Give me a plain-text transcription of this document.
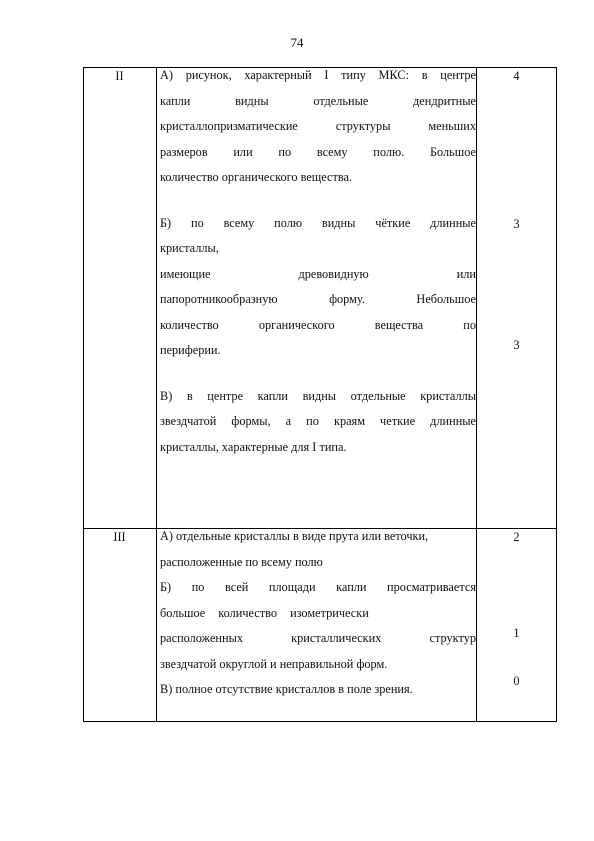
74
II	А) рисунок, характерный I типу МКС: в центре

капли видны отдельные дендритные

кристаллопризматические структуры меньших

размеров или по всему полю. Большое

количество органического вещества.

Б) по всему полю видны чёткие длинные

кристаллы,

имеющие древовидную или

папоротникообразную форму. Небольшое

количество органического вещества по

периферии.

В) в центре капли видны отдельные кристаллы

звездчатой формы, а по краям четкие длинные

кристаллы, характерные для I типа.

4
3
3
III	А) отдельные кристаллы в виде прута или веточки,

расположенные по всему полю

Б) по всей площади капли просматривается

большое количество изометрически

расположенных кристаллических структур

звездчатой округлой и неправильной форм.

В) полное отсутствие кристаллов в поле зрения.

2
1
0
